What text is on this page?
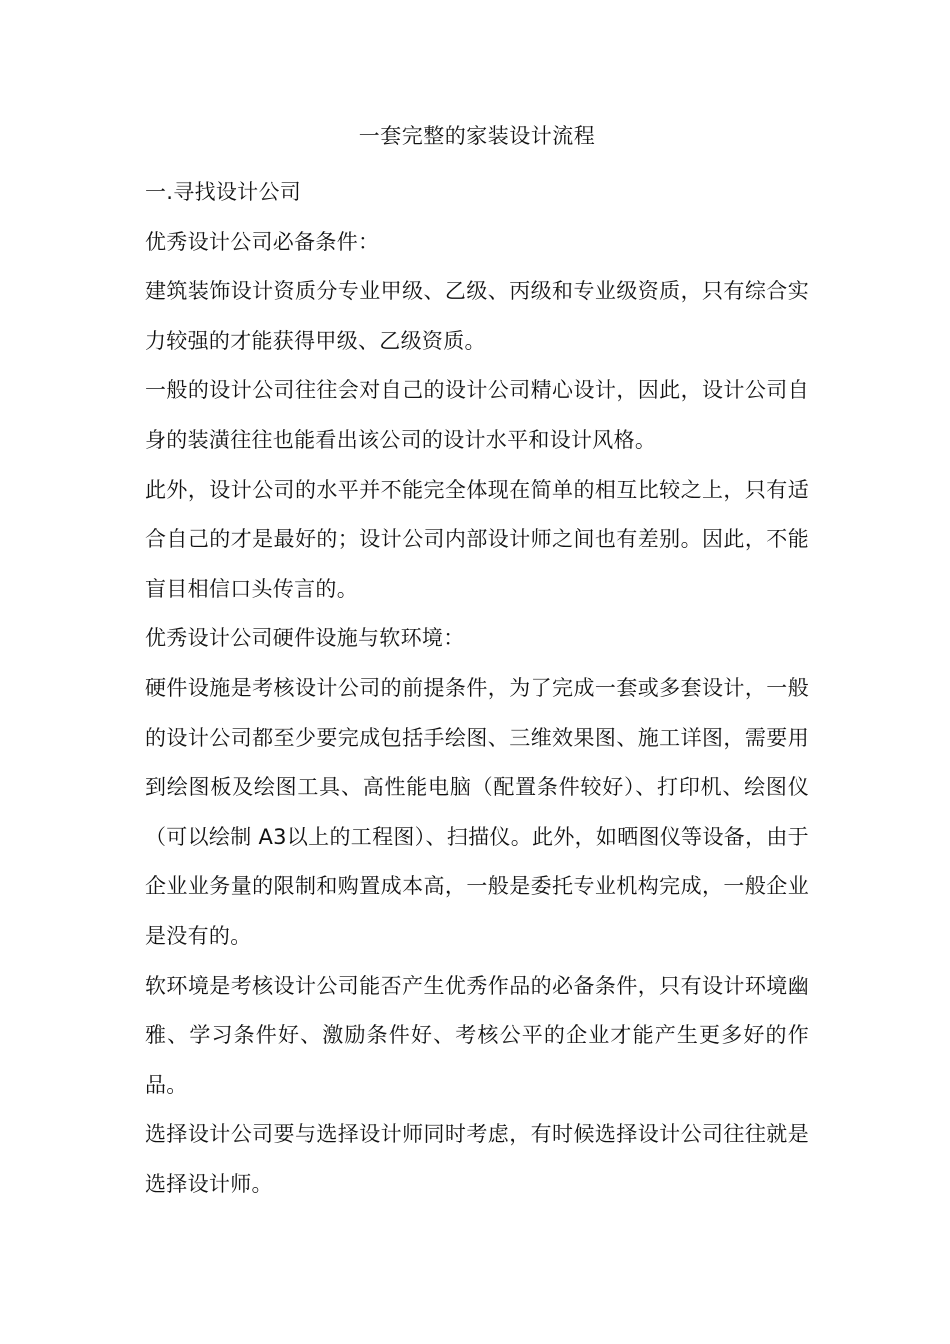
一套完整的家装设计流程

一.寻找设计公司

优秀设计公司必备条件：

建筑装饰设计资质分专业甲级、乙级、丙级和专业级资质，只有综合实力较强的才能获得甲级、乙级资质。

一般的设计公司往往会对自己的设计公司精心设计，因此，设计公司自身的装潢往往也能看出该公司的设计水平和设计风格。

此外，设计公司的水平并不能完全体现在简单的相互比较之上，只有适合自己的才是最好的；设计公司内部设计师之间也有差别。因此，不能盲目相信口头传言的。

优秀设计公司硬件设施与软环境：

硬件设施是考核设计公司的前提条件，为了完成一套或多套设计，一般的设计公司都至少要完成包括手绘图、三维效果图、施工详图，需要用到绘图板及绘图工具、高性能电脑（配置条件较好）、打印机、绘图仪（可以绘制 A3以上的工程图）、扫描仪。此外，如晒图仪等设备，由于企业业务量的限制和购置成本高，一般是委托专业机构完成，一般企业是没有的。

软环境是考核设计公司能否产生优秀作品的必备条件，只有设计环境幽雅、学习条件好、激励条件好、考核公平的企业才能产生更多好的作品。

选择设计公司要与选择设计师同时考虑，有时候选择设计公司往往就是选择设计师。
